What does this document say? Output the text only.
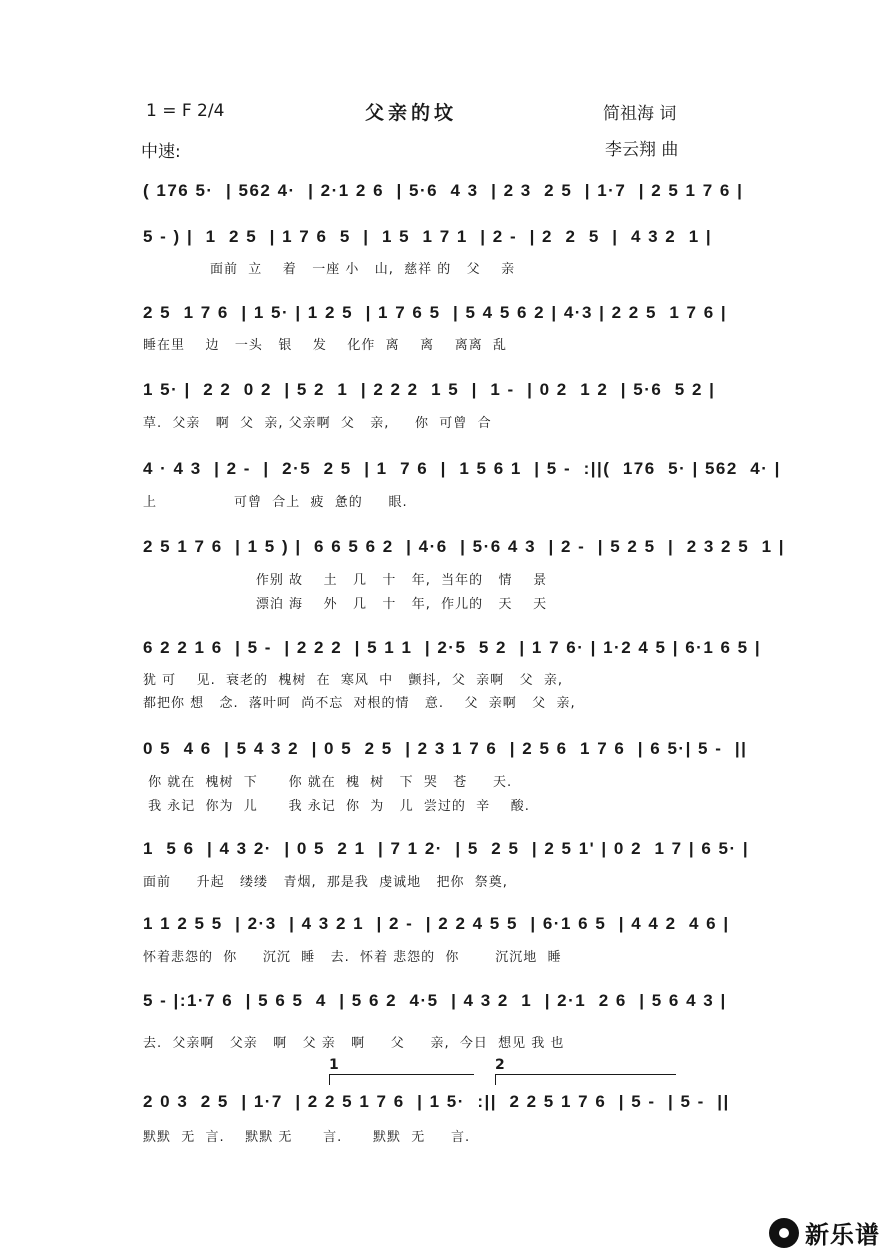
1 = F 2/4	父亲的坟	简祖海 词
中速:	李云翔 曲
( 176 5·  | 562 4·  | 2·1 2 6  | 5·6  4 3  | 2 3  2 5  | 1·7  | 2 5 1 7 6 |
5 - ) |  1  2 5  | 1 7 6  5  |  1 5  1 7 1  | 2 -  | 2  2  5  |  4 3 2  1 |
面前  立    着   一座 小   山,  慈祥 的   父    亲
2 5  1 7 6  | 1 5· | 1 2 5  | 1 7 6 5  | 5 4 5 6 2 | 4·3 | 2 2 5  1 7 6 |
睡在里    边   一头   银    发    化作  离    离    离离  乱
1 5· |  2 2  0 2  | 5 2  1  | 2 2 2  1 5  |  1 -  | 0 2  1 2  | 5·6  5 2 |
草.  父亲   啊  父  亲, 父亲啊  父   亲,     你  可曾  合
4 · 4 3  | 2 -  |  2·5  2 5  | 1  7 6  |  1 5 6 1  | 5 -  :||(  176  5· | 562  4· |
上               可曾  合上  疲  惫的     眼.
2 5 1 7 6  | 1 5 ) |  6 6 5 6 2  | 4·6  | 5·6 4 3  | 2 -  | 5 2 5  |  2 3 2 5  1 |
作别 故    土   几   十   年,  当年的   情    景
漂泊 海    外   几   十   年,  作儿的   天    天
6 2 2 1 6  | 5 -  | 2 2 2  | 5 1 1  | 2·5  5 2  | 1 7 6· | 1·2 4 5 | 6·1 6 5 |
犹 可    见.  衰老的  槐树  在  寒风  中   颤抖,  父  亲啊   父  亲,
都把你 想   念.  落叶呵  尚不忘  对根的情   意.    父  亲啊   父  亲,
0 5  4 6  | 5 4 3 2  | 0 5  2 5  | 2 3 1 7 6  | 2 5 6  1 7 6  | 6 5·| 5 -  ||
你 就在  槐树  下      你 就在  槐  树   下  哭   苍     天.
我 永记  你为  儿      我 永记  你  为   儿  尝过的  辛    酸.
1  5 6  | 4 3 2·  | 0 5  2 1  | 7 1 2·  | 5  2 5  | 2 5 1' | 0 2  1 7 | 6 5· |
面前     升起   缕缕   青烟,  那是我  虔诚地   把你  祭奠,
1 1 2 5 5  | 2·3  | 4 3 2 1  | 2 -  | 2 2 4 5 5  | 6·1 6 5  | 4 4 2  4 6 |
怀着悲怨的  你     沉沉  睡   去.  怀着 悲怨的  你       沉沉地  睡
5 - |:1·7 6  | 5 6 5  4  | 5 6 2  4·5  | 4 3 2  1  | 2·1  2 6  | 5 6 4 3 |
去.  父亲啊   父亲   啊   父 亲   啊     父     亲,  今日  想见 我 也
1	2
2 0 3  2 5  | 1·7  | 2 2 5 1 7 6  | 1 5·  :||  2 2 5 1 7 6  | 5 -  | 5 -  ||
默默  无  言.    默默 无      言.      默默  无     言.
新乐谱
